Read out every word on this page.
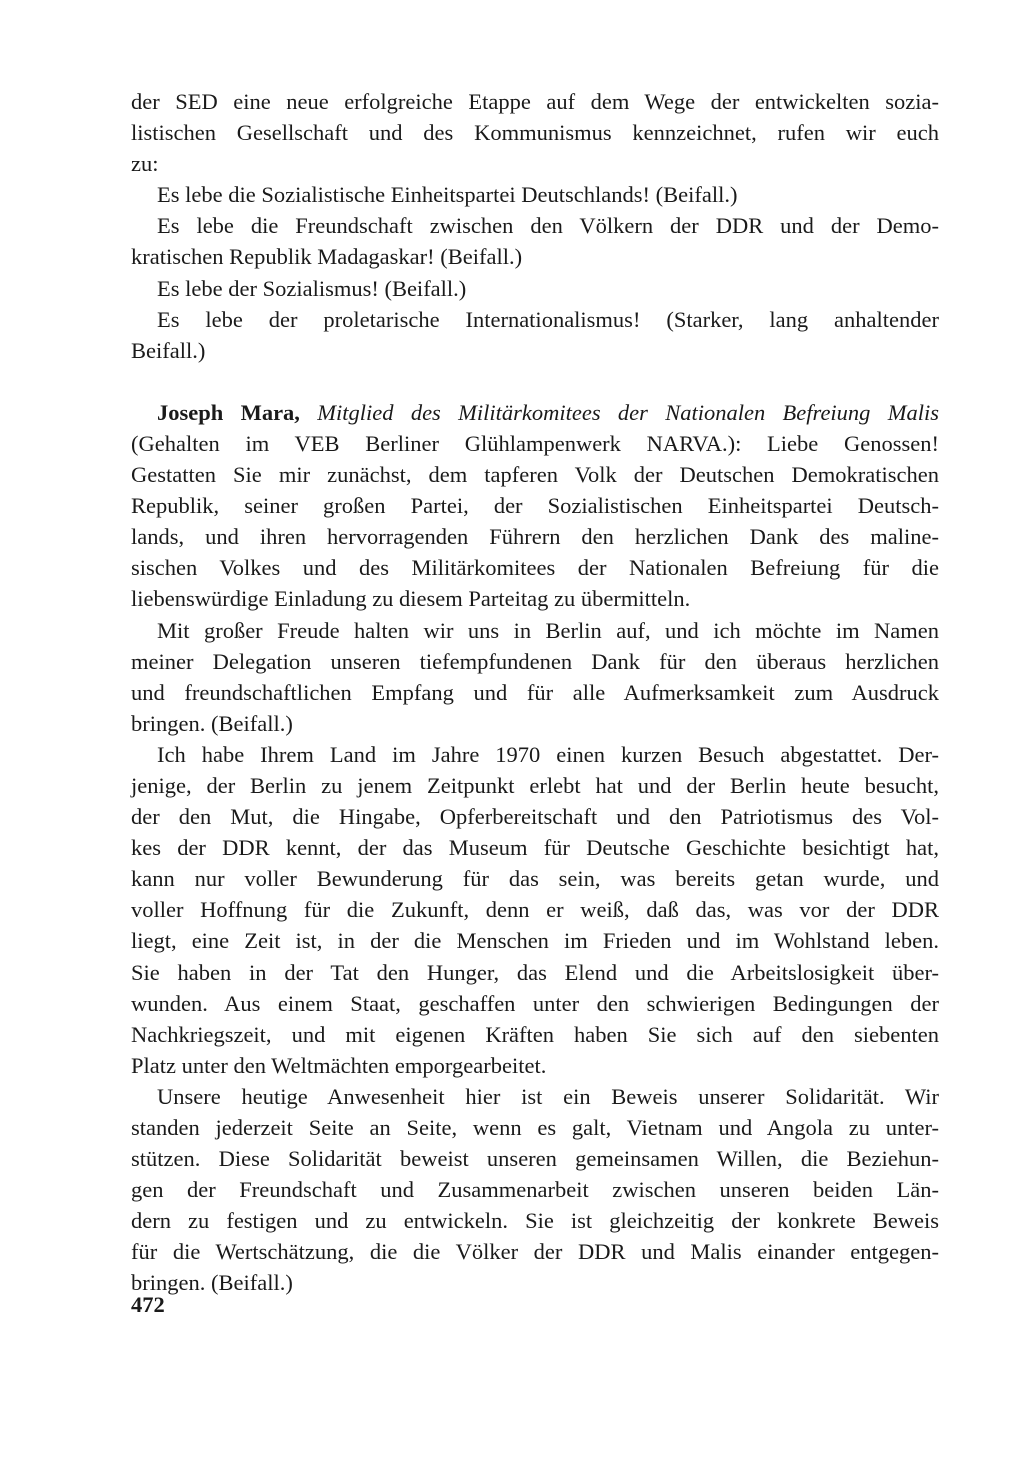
der SED eine neue erfolgreiche Etappe auf dem Wege der entwickelten sozia-
listischen Gesellschaft und des Kommunismus kennzeichnet, rufen wir euch
zu:
Es lebe die Sozialistische Einheitspartei Deutschlands! (Beifall.)
Es lebe die Freundschaft zwischen den Völkern der DDR und der Demo-
kratischen Republik Madagaskar! (Beifall.)
Es lebe der Sozialismus! (Beifall.)
Es lebe der proletarische Internationalismus! (Starker, lang anhaltender
Beifall.)
Joseph Mara, Mitglied des Militärkomitees der Nationalen Befreiung Malis
(Gehalten im VEB Berliner Glühlampenwerk NARVA.): Liebe Genossen!
Gestatten Sie mir zunächst, dem tapferen Volk der Deutschen Demokratischen
Republik, seiner großen Partei, der Sozialistischen Einheitspartei Deutsch-
lands, und ihren hervorragenden Führern den herzlichen Dank des maline-
sischen Volkes und des Militärkomitees der Nationalen Befreiung für die
liebenswürdige Einladung zu diesem Parteitag zu übermitteln.
Mit großer Freude halten wir uns in Berlin auf, und ich möchte im Namen
meiner Delegation unseren tiefempfundenen Dank für den überaus herzlichen
und freundschaftlichen Empfang und für alle Aufmerksamkeit zum Ausdruck
bringen. (Beifall.)
Ich habe Ihrem Land im Jahre 1970 einen kurzen Besuch abgestattet. Der-
jenige, der Berlin zu jenem Zeitpunkt erlebt hat und der Berlin heute besucht,
der den Mut, die Hingabe, Opferbereitschaft und den Patriotismus des Vol-
kes der DDR kennt, der das Museum für Deutsche Geschichte besichtigt hat,
kann nur voller Bewunderung für das sein, was bereits getan wurde, und
voller Hoffnung für die Zukunft, denn er weiß, daß das, was vor der DDR
liegt, eine Zeit ist, in der die Menschen im Frieden und im Wohlstand leben.
Sie haben in der Tat den Hunger, das Elend und die Arbeitslosigkeit über-
wunden. Aus einem Staat, geschaffen unter den schwierigen Bedingungen der
Nachkriegszeit, und mit eigenen Kräften haben Sie sich auf den siebenten
Platz unter den Weltmächten emporgearbeitet.
Unsere heutige Anwesenheit hier ist ein Beweis unserer Solidarität. Wir
standen jederzeit Seite an Seite, wenn es galt, Vietnam und Angola zu unter-
stützen. Diese Solidarität beweist unseren gemeinsamen Willen, die Beziehun-
gen der Freundschaft und Zusammenarbeit zwischen unseren beiden Län-
dern zu festigen und zu entwickeln. Sie ist gleichzeitig der konkrete Beweis
für die Wertschätzung, die die Völker der DDR und Malis einander entgegen-
bringen. (Beifall.)
472
